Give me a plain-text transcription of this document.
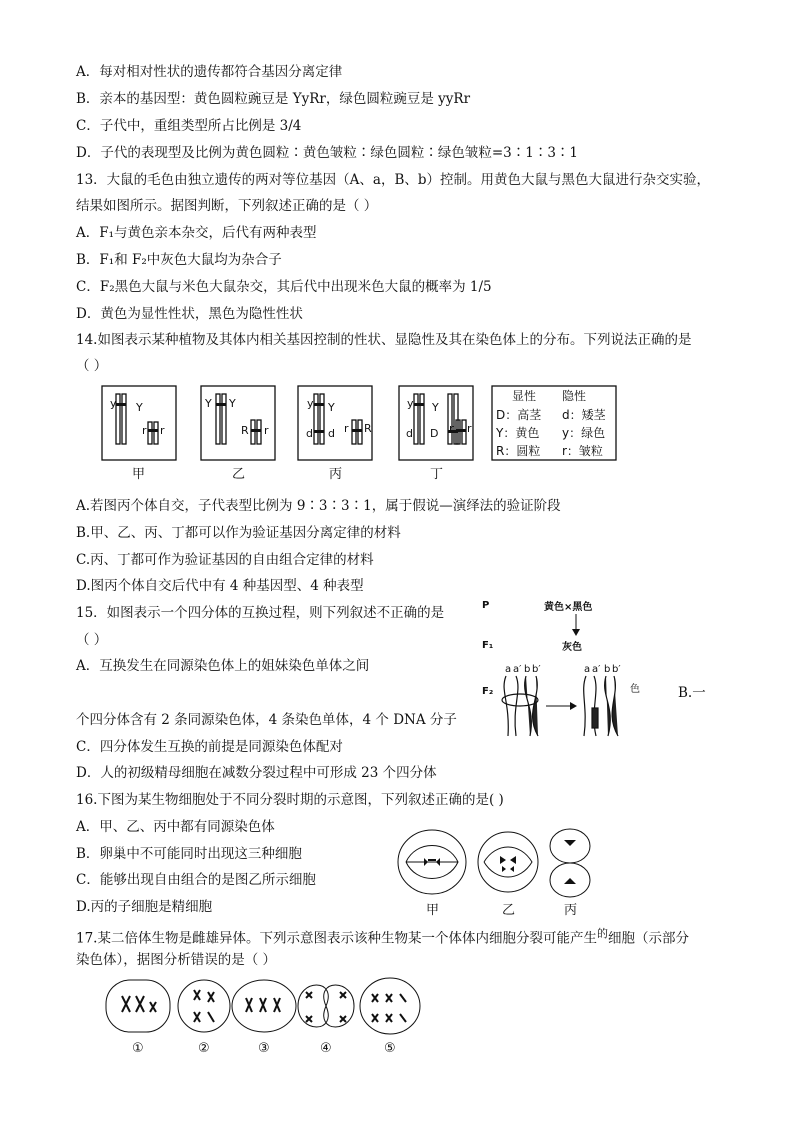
A．每对相对性状的遗传都符合基因分离定律
B．亲本的基因型：黄色圆粒豌豆是 YyRr，绿色圆粒豌豆是 yyRr
C．子代中，重组类型所占比例是 3/4
D．子代的表现型及比例为黄色圆粒∶黄色皱粒∶绿色圆粒∶绿色皱粒=3∶1∶3∶1
13．大鼠的毛色由独立遗传的两对等位基因（A、a，B、b）控制。用黄色大鼠与黑色大鼠进行杂交实验，
结果如图所示。据图判断，下列叙述正确的是（ ）
A．F₁与黄色亲本杂交，后代有两种表型
B．F₁和 F₂中灰色大鼠均为杂合子
C．F₂黑色大鼠与米色大鼠杂交，其后代中出现米色大鼠的概率为 1/5
D．黄色为显性性状，黑色为隐性性状
14.如图表示某种植物及其体内相关基因控制的性状、显隐性及其在染色体上的分布。下列说法正确的是
（ ）
y Y
r r
Y Y
R r
y Y
d d r R
y Y
d D r r
显性 隐性
D：高茎 d：矮茎
Y：黄色 y：绿色
R：圆粒 r：皱粒
甲	乙	丙	丁
A.若图丙个体自交，子代表型比例为 9∶3∶3∶1，属于假说—演绎法的验证阶段
B.甲、乙、丙、丁都可以作为验证基因分离定律的材料
C.丙、丁都可作为验证基因的自由组合定律的材料
D.图丙个体自交后代中有 4 种基因型、4 种表型
15．如图表示一个四分体的互换过程，则下列叙述不正确的是
（ ）
A．互换发生在同源染色体上的姐妹染色单体之间
P	黄色×黑色
F₁	灰色
F₂
a a′ b b′	a a′ b b′
色	B.一
个四分体含有 2 条同源染色体，4 条染色单体，4 个 DNA 分子
C．四分体发生互换的前提是同源染色体配对
D．人的初级精母细胞在减数分裂过程中可形成 23 个四分体
16.下图为某生物细胞处于不同分裂时期的示意图，下列叙述正确的是( )
A．甲、乙、丙中都有同源染色体
B．卵巢中不可能同时出现这三种细胞
C．能够出现自由组合的是图乙所示细胞
D.丙的子细胞是精细胞	甲	乙	丙
17.某二倍体生物是雌雄异体。下列示意图表示该种生物某一个体体内细胞分裂可能产生$^的$细胞（示部分
染色体），据图分析错误的是（ ）
①	②	③	④	⑤
